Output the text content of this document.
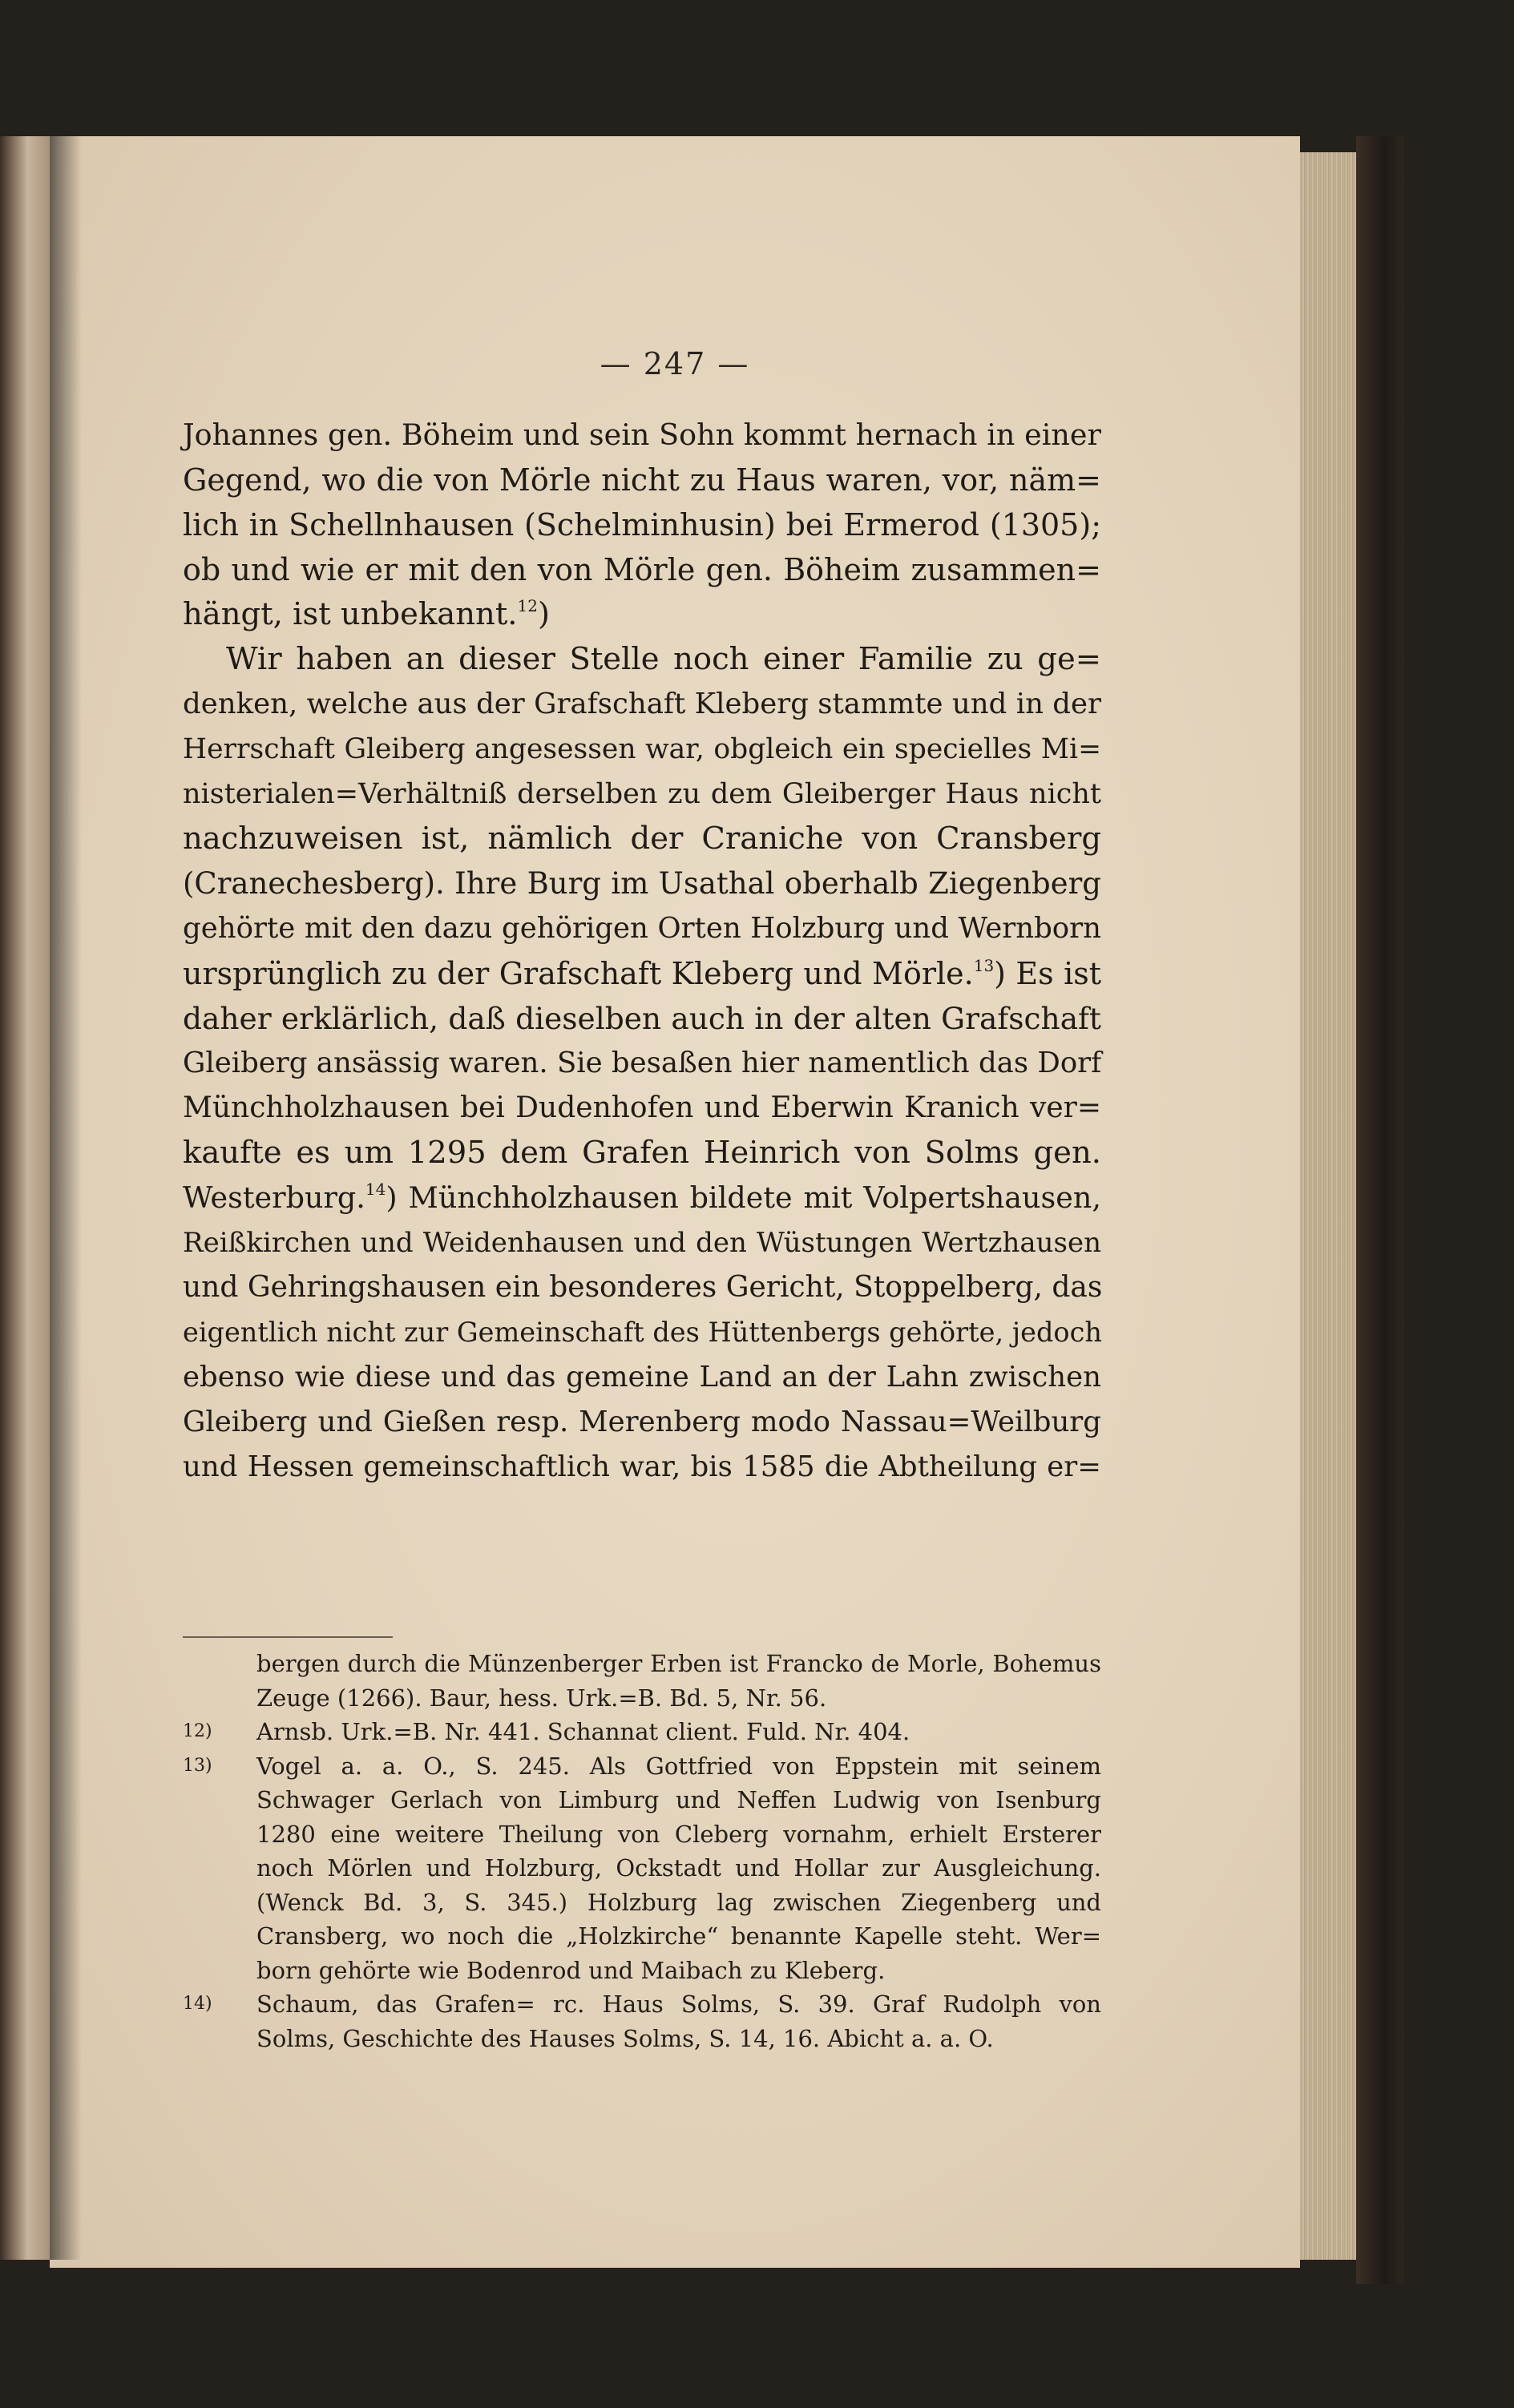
— 247 —
Johannes gen. Böheim und sein Sohn kommt hernach in einer
Gegend, wo die von Mörle nicht zu Haus waren, vor, näm=
lich in Schellnhausen (Schelminhusin) bei Ermerod (1305);
ob und wie er mit den von Mörle gen. Böheim zusammen=
hängt, ist unbekannt.$^{12}$)
Wir haben an dieser Stelle noch einer Familie zu ge=
denken, welche aus der Grafschaft Kleberg stammte und in der
Herrschaft Gleiberg angesessen war, obgleich ein specielles Mi=
nisterialen=Verhältniß derselben zu dem Gleiberger Haus nicht
nachzuweisen ist, nämlich der Craniche von Cransberg
(Cranechesberg). Ihre Burg im Usathal oberhalb Ziegenberg
gehörte mit den dazu gehörigen Orten Holzburg und Wernborn
ursprünglich zu der Grafschaft Kleberg und Mörle.$^{13}$) Es ist
daher erklärlich, daß dieselben auch in der alten Grafschaft
Gleiberg ansässig waren. Sie besaßen hier namentlich das Dorf
Münchholzhausen bei Dudenhofen und Eberwin Kranich ver=
kaufte es um 1295 dem Grafen Heinrich von Solms gen.
Westerburg.$^{14}$) Münchholzhausen bildete mit Volpertshausen,
Reißkirchen und Weidenhausen und den Wüstungen Wertzhausen
und Gehringshausen ein besonderes Gericht, Stoppelberg, das
eigentlich nicht zur Gemeinschaft des Hüttenbergs gehörte, jedoch
ebenso wie diese und das gemeine Land an der Lahn zwischen
Gleiberg und Gießen resp. Merenberg modo Nassau=Weilburg
und Hessen gemeinschaftlich war, bis 1585 die Abtheilung er=
bergen durch die Münzenberger Erben ist Francko de Morle, Bohemus
Zeuge (1266). Baur, hess. Urk.=B. Bd. 5, Nr. 56.
12)	Arnsb. Urk.=B. Nr. 441. Schannat client. Fuld. Nr. 404.
13)	Vogel a. a. O., S. 245. Als Gottfried von Eppstein mit seinem
Schwager Gerlach von Limburg und Neffen Ludwig von Isenburg
1280 eine weitere Theilung von Cleberg vornahm, erhielt Ersterer
noch Mörlen und Holzburg, Ockstadt und Hollar zur Ausgleichung.
(Wenck Bd. 3, S. 345.) Holzburg lag zwischen Ziegenberg und
Cransberg, wo noch die „Holzkirche“ benannte Kapelle steht. Wer=
born gehörte wie Bodenrod und Maibach zu Kleberg.
14)	Schaum, das Grafen= rc. Haus Solms, S. 39. Graf Rudolph von
Solms, Geschichte des Hauses Solms, S. 14, 16. Abicht a. a. O.
